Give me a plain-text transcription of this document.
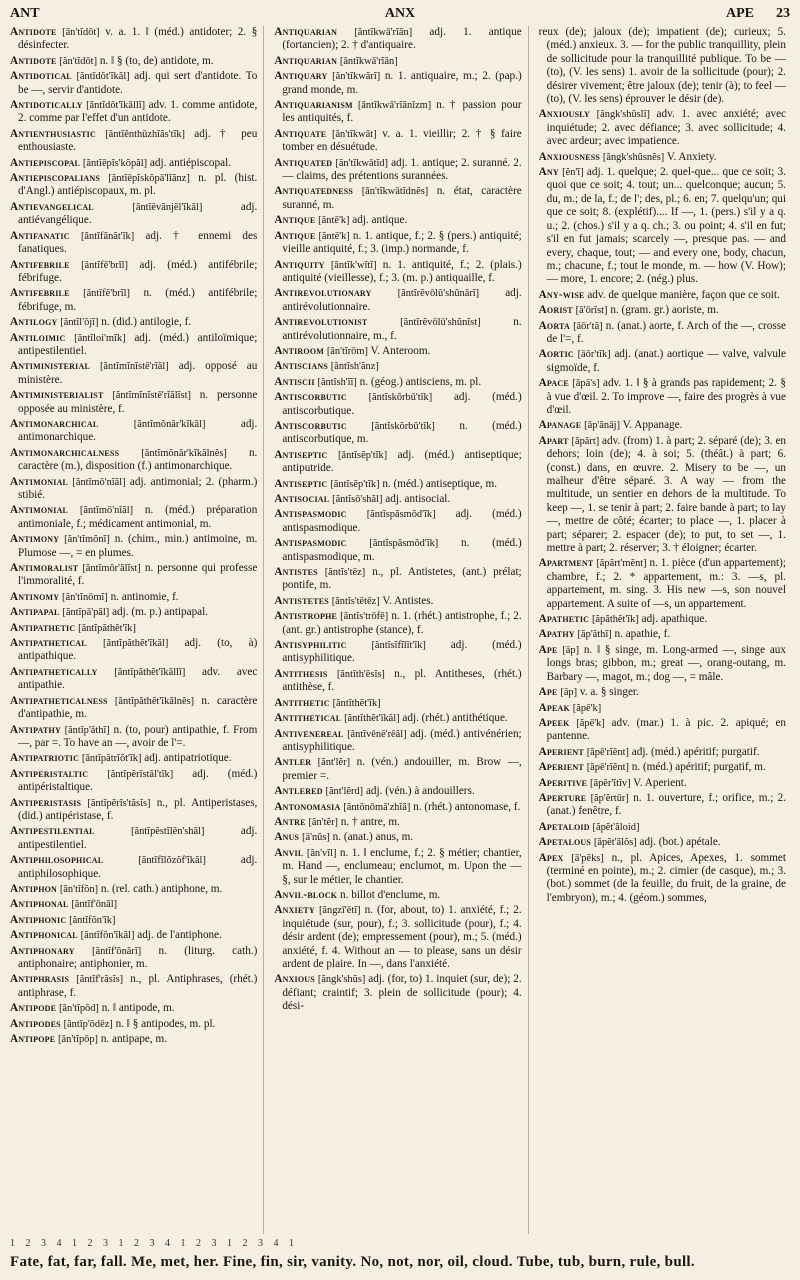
ANT	ANX	APE 23

Antidote [ăn'tĭdōt] v. a. 1. ‖ (méd.) antidoter; 2. § désinfecter.

Antidote [ăn'tĭdōt] n. ‖ § (to, de) antidote, m.

Antidotical [ăntĭdŏt'ĭkăl] adj. qui sert d'antidote. To be —, servir d'antidote.

Antidotically [ăntĭdŏt'ĭkăllĭ] adv. 1. comme antidote, 2. comme par l'effet d'un antidote.

Antienthusiastic [ăntĭĕnthūzhĭăs'tĭk] adj. † peu enthousiaste.

Antiepiscopal [ăntĭēpĭs'kŏpăl] adj. antiépiscopal.

Antiepiscopalians [ăntĭēpĭskŏpā'lĭănz] n. pl. (hist. d'Angl.) antiépiscopaux, m. pl.

Antievangelical	[ăntĭēvănjĕl'ĭkăl]	adj. antiévangélique.

Antifanatic [ăntĭfănăt'ĭk] adj. † ennemi des fanatiques.

Antifebrile [ăntĭfē'brĭl] adj. (méd.) antifébrile; fébrifuge.

Antifebrile [ăntĭfē'brĭl] n. (méd.) antifébrile; fébrifuge, m.

Antilogy [ăntĭl'ōjĭ] n. (did.) antilogie, f.

Antiloimic [ăntĭloi'mĭk] adj. (méd.) antiloïmique; antipestilentiel.

Antiministerial [ăntĭmĭnĭstē'rĭăl] adj. opposé au ministère.

Antiministerialist [ăntĭmĭnĭstē'rĭălĭst] n. personne opposée au ministère, f.

Antimonarchical	[ăntĭmŏnăr'kĭkăl]	adj. antimonarchique.

Antimonarchicalness [ăntĭmŏnăr'kĭkălnĕs] n. caractère (m.), disposition (f.) antimonarchique.

Antimonial [ăntĭmō'nĭăl] adj. antimonial; 2. (pharm.) stibié.

Antimonial [ăntĭmō'nĭăl] n. (méd.) préparation antimoniale, f.; médicament antimonial, m.

Antimony [ăn'tĭmŏnĭ] n. (chim., min.) antimoine, m. Plumose —, = en plumes.

Antimoralist [ăntĭmŏr'ălĭst] n. personne qui professe l'immoralité, f.

Antinomy [ăn'tĭnōmĭ] n. antinomie, f.

Antipapal [ăntĭpā'păl] adj. (m. p.) antipapal.

Antipathetic [ăntĭpăthĕt'ĭk]

Antipathetical [ăntĭpăthĕt'ĭkăl] adj. (to, à) antipathique.

Antipathetically [ăntĭpăthĕt'ĭkăllĭ] adv. avec antipathie.

Antipatheticalness [ăntĭpăthĕt'ĭkălnĕs] n. caractère d'antipathie, m.

Antipathy [ăntĭp'ăthĭ] n. (to, pour) antipathie, f. From —, par =. To have an —, avoir de l'=.

Antipatriotic [ăntĭpātrĭŏt'ĭk] adj. antipatriotique.

Antiperistaltic [ăntĭpĕrĭstăl'tĭk] adj. (méd.) antipéristaltique.

Antiperistasis [ăntĭpĕrĭs'tăsĭs] n., pl. Antiperistases, (did.) antipéristase, f.

Antipestilential	[ăntĭpĕstĭlĕn'shăl]	adj. antipestilentiel.

Antiphilosophical	[ăntĭfĭlŏzŏf'ĭkăl]	adj. antiphilosophique.

Antiphon [ăn'tĭfŏn] n. (rel. cath.) antiphone, m.

Antiphonal [ăntĭf'ōnăl]

Antiphonic [ăntĭfŏn'ĭk]

Antiphonical [ăntĭfŏn'ĭkăl] adj. de l'antiphone.

Antiphonary [ăntĭf'ŏnărĭ] n. (liturg. cath.) antiphonaire; antiphonier, m.

Antiphrasis [ăntĭf'răsĭs] n., pl. Antiphrases, (rhét.) antiphrase, f.

Antipode [ăn'tĭpōd] n. ‖ antipode, m.

Antipodes [ăntĭp'ōdēz] n. ‖ § antipodes, m. pl.

Antipope [ăn'tĭpōp] n. antipape, m.

Antiquarian [ăntĭkwā'rĭăn] adj. 1. antique (fortancien); 2. † d'antiquaire.

Antiquarian [ăntĭkwā'rĭăn]

Antiquary [ăn'tĭkwărĭ] n. 1. antiquaire, m.; 2. (pap.) grand monde, m.

Antiquarianism [ăntĭkwā'rĭănĭzm] n. † passion pour les antiquités, f.

Antiquate [ăn'tĭkwāt] v. a. 1. vieillir; 2. † § faire tomber en désuétude.

Antiquated [ăn'tĭkwātĭd] adj. 1. antique; 2. suranné. 2. — claims, des prétentions surannées.

Antiquatedness [ăn'tĭkwātĭdnĕs] n. état, caractère suranné, m.

Antique [ăntē'k] adj. antique.

Antique [ăntē'k] n. 1. antique, f.; 2. § (pers.) antiquité; vieille antiquité, f.; 3. (imp.) normande, f.

Antiquity [ăntĭk'wĭtĭ] n. 1. antiquité, f.; 2. (plais.) antiquité (vieillesse), f.; 3. (m. p.) antiquaille, f.

Antirevolutionary	[ăntĭrĕvōlū'shŭnărĭ] adj. antirévolutionnaire.

Antirevolutionist	[ăntĭrĕvōlū'shŭnĭst]	n. antirévolutionnaire, m., f.

Antiroom [ăn'tĭrōm] V. Anteroom.

Antiscians [ăntĭsh'ănz]

Antiscii [ăntĭsh'ĭĭ] n. (géog.) antisciens, m. pl.

Antiscorbutic [ăntĭskŏrbū'tĭk] adj. (méd.) antiscorbutique.

Antiscorbutic [ăntĭskŏrbū'tĭk] n. (méd.) antiscorbutique, m.

Antiseptic [ăntĭsĕp'tĭk] adj. (méd.) antiseptique; antiputride.

Antiseptic [ăntĭsĕp'tĭk] n. (méd.) antiseptique, m.

Antisocial [ăntĭsō'shăl] adj. antisocial.

Antispasmodic [ăntĭspăsmŏd'ĭk] adj. (méd.) antispasmodique.

Antispasmodic [ăntĭspăsmŏd'ĭk] n. (méd.) antispasmodique, m.

Antistes [ăntĭs'tēz] n., pl. Antistetes, (ant.) prélat; pontife, m.

Antistetes [ăntĭs'tētēz] V. Antistes.

Antistrophe [ăntĭs'trōfē] n. 1. (rhét.) antistrophe, f.; 2. (ant. gr.) antistrophe (stance), f.

Antisyphilitic [ăntĭsĭfĭlĭt'ĭk] adj. (méd.) antisyphilitique.

Antithesis [ăntĭth'ēsĭs] n., pl. Antitheses, (rhét.) antithèse, f.

Antithetic [ăntĭthĕt'ĭk]

Antithetical [ăntĭthĕt'ĭkăl] adj. (rhét.) antithétique.

Antivenereal [ăntĭvēnē'rēăl] adj. (méd.) antivénérien; antisyphilitique.

Antler [ănt'lĕr] n. (vén.) andouiller, m. Brow —, premier =.

Antlered [ănt'lĕrd] adj. (vén.) à andouillers.

Antonomasia [ăntŏnōmā'zhĭă] n. (rhét.) antonomase, f.

Antre [ăn'tĕr] n. † antre, m.

Anus [ā'nŭs] n. (anat.) anus, m.

Anvil [ăn'vĭl] n. 1. ‖ enclume, f.; 2. § métier; chantier, m. Hand —, enclumeau; enclumot, m. Upon the — §, sur le métier, le chantier.

Anvil-block n. billot d'enclume, m.

Anxiety [ăngzī'ētĭ] n. (for, about, to) 1. anxiété, f.; 2. inquiétude (sur, pour), f.; 3. sollicitude (pour), f.; 4. désir ardent (de); empressement (pour), m.; 5. (méd.) anxiété, f. 4. Without an — to please, sans un désir ardent de plaire. In —, dans l'anxiété.

Anxious [ăngk'shŭs] adj. (for, to) 1. inquiet (sur, de); 2. défiant; craintif; 3. plein de sollicitude (pour); 4. dési-

reux (de); jaloux (de); impatient (de); curieux; 5. (méd.) anxieux. 3. — for the public tranquillity, plein de sollicitude pour la tranquillité publique. To be — (to), (V. les sens) 1. avoir de la sollicitude (pour); 2. désirer vivement; être jaloux (de); tenir (à); to feel — (to), (V. les sens) éprouver le désir (de).

Anxiously [ăngk'shŭslĭ] adv. 1. avec anxiété; avec inquiétude; 2. avec défiance; 3. avec sollicitude; 4. avec ardeur; avec impatience.

Anxiousness [ăngk'shŭsnĕs] V. Anxiety.

Any [ĕn'ĭ] adj. 1. quelque; 2. quel-que... que ce soit; 3. quoi que ce soit; 4. tout; un... quelconque; aucun; 5. du, m.; de la, f.; de l'; des, pl.; 6. en; 7. quelqu'un; qui que ce soit; 8. (explétif).... If —, 1. (pers.) s'il y a q. u.; 2. (chos.) s'il y a q. ch.; 3. ou point; 4. s'il en fut; s'il en fut jamais; scarcely —, presque pas. — and every, chaque, tout; — and every one, body, chacun, m.; chacune, f.; tout le monde, m. — how (V. How); — more, 1. encore; 2. (nég.) plus.

Any-wise adv. de quelque manière, façon que ce soit.

Aorist [ā'ōrĭst] n. (gram. gr.) aoriste, m.

Aorta [āōr'tă] n. (anat.) aorte, f. Arch of the —, crosse de l'=, f.

Aortic [āōr'tĭk] adj. (anat.) aortique — valve, valvule sigmoïde, f.

Apace [ăpā's] adv. 1. ‖ § à grands pas rapidement; 2. § à vue d'œil. 2. To improve —, faire des progrès à vue d'œil.

Apanage [ăp'ănāj] V. Appanage.

Apart [ăpărt] adv. (from) 1. à part; 2. séparé (de); 3. en dehors; loin (de); 4. à soi; 5. (théât.) à part; 6. (const.) dans, en œuvre. 2. Misery to be —, un malheur d'être séparé. 3. A way — from the multitude, un sentier en dehors de la multitude. To keep —, 1. se tenir à part; 2. faire bande à part; to lay —, mettre de côté; écarter; to place —, 1. placer à part; séparer; 2. espacer (de); to put, to set —, 1. mettre à part; 2. réserver; 3. † éloigner; écarter.

Apartment [ăpărt'mĕnt] n. 1. pièce (d'un appartement); chambre, f.; 2. * appartement, m.: 3. —s, pl. appartement, m. sing. 3. His new —s, son nouvel appartement. A suite of —s, un appartement.

Apathetic [ăpăthĕt'ĭk] adj. apathique.

Apathy [ăp'ăthĭ] n. apathie, f.

Ape [āp] n. ‖ § singe, m. Long-armed —, singe aux longs bras; gibbon, m.; great —, orang-outang, m. Barbary —, magot, m.; dog —, = mâle.

Ape [āp] v. a. § singer.

Apeak [ăpē'k]

Apeek [ăpē'k] adv. (mar.) 1. à pic. 2. apiqué; en pantenne.

Aperient [ăpē'rĭĕnt] adj. (méd.) apéritif; purgatif.

Aperient [ăpē'rĭĕnt] n. (méd.) apéritif; purgatif, m.

Aperitive [ăpĕr'ĭtĭv] V. Aperient.

Aperture [ăp'ĕrtūr] n. 1. ouverture, f.; orifice, m.; 2. (anat.) fenêtre, f.

Apetaloid [ăpĕt'ăloid]

Apetalous [ăpĕt'ălŏs] adj. (bot.) apétale.

Apex [ā'pĕks] n., pl. Apices, Apexes, 1. sommet (terminé en pointe), m.; 2. cimier (de casque), m.; 3. (bot.) sommet (de la feuille, du fruit, de la graine, de l'embryon), m.; 4. (géom.) sommes,

1 2 3 4 1 2 3 1 2 3 4 1 2 3 1 2 3 4 1
Fate, fat, far, fall. Me, met, her. Fine, fin, sir, vanity. No, not, nor, oil, cloud. Tube, tub, burn, rule, bull.
